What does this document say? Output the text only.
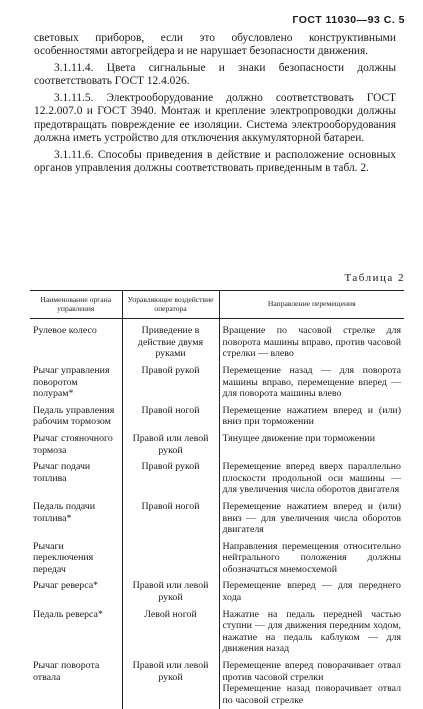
ГОСТ 11030—93 С. 5

световых приборов, если это обусловлено конструктивными особенностями автогрейдера и не нарушает безопасности движения.

3.1.11.4. Цвета сигнальные и знаки безопасности должны соответствовать ГОСТ 12.4.026.

3.1.11.5. Электрооборудование должно соответствовать ГОСТ 12.2.007.0 и ГОСТ 3940. Монтаж и крепление электропроводки должны предотвращать повреждение ее изоляции. Система электрооборудования должна иметь устройство для отключения аккумуляторной батареи.

3.1.11.6. Способы приведения в действие и расположение основных органов управления должны соответствовать приведенным в табл. 2.

Таблица 2
Наименование органа управления	Управляющее воздействие оператора	Направление перемещения
Рулевое колесо	Приведение в действие двумя руками	Вращение по часовой стрелке для поворота машины вправо, против часовой стрелки — влево
Рычаг управления поворотом полурам*	Правой рукой	Перемещение назад — для поворота машины вправо, перемещение вперед — для поворота машины влево
Педаль управления рабочим тормозом	Правой ногой	Перемещение нажатием вперед и (или) вниз при торможении
Рычаг стояночного тормоза	Правой или левой рукой	Тянущее движение при торможении
Рычаг подачи топлива	Правой рукой	Перемещение вперед вверх параллельно плоскости продольной оси машины — для увеличения числа оборотов двигателя
Педаль подачи топлива*	Правой ногой	Перемещение нажатием вперед и (или) вниз — для увеличения числа оборотов двигателя
Рычаги переключения передач		Направления перемещения относительно нейтрального положения должны обозначаться мнемосхемой
Рычаг реверса*	Правой или левой рукой	Перемещение вперед — для переднего хода
Педаль реверса*	Левой ногой	Нажатие на педаль передней частью ступни — для движения передним ходом, нажатие на педаль каблуком — для движения назад
Рычаг поворота отвала	Правой или левой рукой	Перемещение вперед поворачивает отвал против часовой стрелки
Перемещение назад поворачивает отвал по часовой стрелке
